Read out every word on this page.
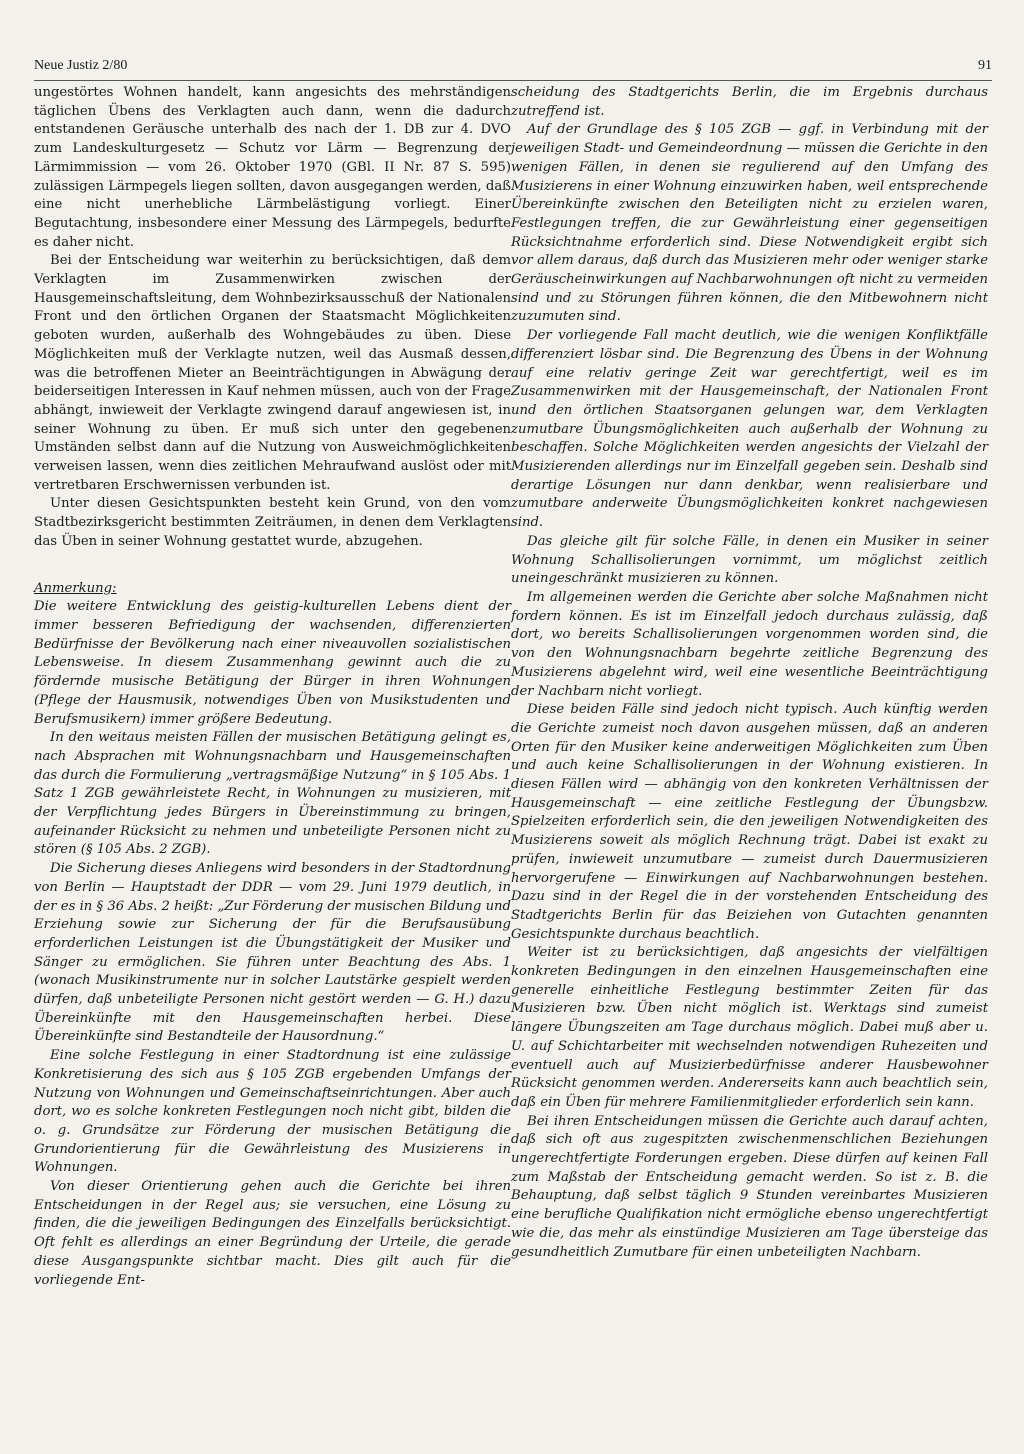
Neue Justiz 2/80	91

ungestörtes Wohnen handelt, kann angesichts des mehrständigen täglichen Übens des Verklagten auch dann, wenn die dadurch entstandenen Geräusche unterhalb des nach der 1. DB zur 4. DVO zum Landeskulturgesetz — Schutz vor Lärm — Begrenzung der Lärmimmission — vom 26. Oktober 1970 (GBl. II Nr. 87 S. 595) zulässigen Lärmpegels liegen sollten, davon ausgegangen werden, daß eine nicht unerhebliche Lärmbelästigung vorliegt. Einer Begutachtung, insbesondere einer Messung des Lärmpegels, bedurfte es daher nicht.

Bei der Entscheidung war weiterhin zu berücksichtigen, daß dem Verklagten im Zusammenwirken zwischen der Hausgemeinschaftsleitung, dem Wohnbezirksausschuß der Nationalen Front und den örtlichen Organen der Staatsmacht Möglichkeiten geboten wurden, außerhalb des Wohngebäudes zu üben. Diese Möglichkeiten muß der Verklagte nutzen, weil das Ausmaß dessen, was die betroffenen Mieter an Beeinträchtigungen in Abwägung der beiderseitigen Interessen in Kauf nehmen müssen, auch von der Frage abhängt, inwieweit der Verklagte zwingend darauf angewiesen ist, in seiner Wohnung zu üben. Er muß sich unter den gegebenen Umständen selbst dann auf die Nutzung von Ausweichmöglichkeiten verweisen lassen, wenn dies zeitlichen Mehraufwand auslöst oder mit vertretbaren Erschwernissen verbunden ist.

Unter diesen Gesichtspunkten besteht kein Grund, von den vom Stadtbezirksgericht bestimmten Zeiträumen, in denen dem Verklagten das Üben in seiner Wohnung gestattet wurde, abzugehen.

Anmerkung:

Die weitere Entwicklung des geistig-kulturellen Lebens dient der immer besseren Befriedigung der wachsenden, differenzierten Bedürfnisse der Bevölkerung nach einer niveauvollen sozialistischen Lebensweise. In diesem Zusammenhang gewinnt auch die zu fördernde musische Betätigung der Bürger in ihren Wohnungen (Pflege der Hausmusik, notwendiges Üben von Musikstudenten und Berufsmusikern) immer größere Bedeutung.

In den weitaus meisten Fällen der musischen Betätigung gelingt es, nach Absprachen mit Wohnungsnachbarn und Hausgemeinschaften das durch die Formulierung „vertragsmäßige Nutzung“ in § 105 Abs. 1 Satz 1 ZGB gewährleistete Recht, in Wohnungen zu musizieren, mit der Verpflichtung jedes Bürgers in Übereinstimmung zu bringen, aufeinander Rücksicht zu nehmen und unbeteiligte Personen nicht zu stören (§ 105 Abs. 2 ZGB).

Die Sicherung dieses Anliegens wird besonders in der Stadtordnung von Berlin — Hauptstadt der DDR — vom 29. Juni 1979 deutlich, in der es in § 36 Abs. 2 heißt: „Zur Förderung der musischen Bildung und Erziehung sowie zur Sicherung der für die Berufsausübung erforderlichen Leistungen ist die Übungstätigkeit der Musiker und Sänger zu ermöglichen. Sie führen unter Beachtung des Abs. 1 (wonach Musikinstrumente nur in solcher Lautstärke gespielt werden dürfen, daß unbeteiligte Personen nicht gestört werden — G. H.) dazu Übereinkünfte mit den Hausgemeinschaften herbei. Diese Übereinkünfte sind Bestandteile der Hausordnung.“

Eine solche Festlegung in einer Stadtordnung ist eine zulässige Konkretisierung des sich aus § 105 ZGB ergebenden Umfangs der Nutzung von Wohnungen und Gemeinschaftseinrichtungen. Aber auch dort, wo es solche konkreten Festlegungen noch nicht gibt, bilden die o. g. Grundsätze zur Förderung der musischen Betätigung die Grundorientierung für die Gewährleistung des Musizierens in Wohnungen.

Von dieser Orientierung gehen auch die Gerichte bei ihren Entscheidungen in der Regel aus; sie versuchen, eine Lösung zu finden, die die jeweiligen Bedingungen des Einzelfalls berücksichtigt. Oft fehlt es allerdings an einer Begründung der Urteile, die gerade diese Ausgangspunkte sichtbar macht. Dies gilt auch für die vorliegende Ent-

scheidung des Stadtgerichts Berlin, die im Ergebnis durchaus zutreffend ist.

Auf der Grundlage des § 105 ZGB — ggf. in Verbindung mit der jeweiligen Stadt- und Gemeindeordnung — müssen die Gerichte in den wenigen Fällen, in denen sie regulierend auf den Umfang des Musizierens in einer Wohnung einzuwirken haben, weil entsprechende Übereinkünfte zwischen den Beteiligten nicht zu erzielen waren, Festlegungen treffen, die zur Gewährleistung einer gegenseitigen Rücksichtnahme erforderlich sind. Diese Notwendigkeit ergibt sich vor allem daraus, daß durch das Musizieren mehr oder weniger starke Geräuscheinwirkungen auf Nachbarwohnungen oft nicht zu vermeiden sind und zu Störungen führen können, die den Mitbewohnern nicht zuzumuten sind.

Der vorliegende Fall macht deutlich, wie die wenigen Konfliktfälle differenziert lösbar sind. Die Begrenzung des Übens in der Wohnung auf eine relativ geringe Zeit war gerechtfertigt, weil es im Zusammenwirken mit der Hausgemeinschaft, der Nationalen Front und den örtlichen Staatsorganen gelungen war, dem Verklagten zumutbare Übungsmöglichkeiten auch außerhalb der Wohnung zu beschaffen. Solche Möglichkeiten werden angesichts der Vielzahl der Musizierenden allerdings nur im Einzelfall gegeben sein. Deshalb sind derartige Lösungen nur dann denkbar, wenn realisierbare und zumutbare anderweite Übungsmöglichkeiten konkret nachgewiesen sind.

Das gleiche gilt für solche Fälle, in denen ein Musiker in seiner Wohnung Schallisolierungen vornimmt, um möglichst zeitlich uneingeschränkt musizieren zu können.

Im allgemeinen werden die Gerichte aber solche Maßnahmen nicht fordern können. Es ist im Einzelfall jedoch durchaus zulässig, daß dort, wo bereits Schallisolierungen vorgenommen worden sind, die von den Wohnungsnachbarn begehrte zeitliche Begrenzung des Musizierens abgelehnt wird, weil eine wesentliche Beeinträchtigung der Nachbarn nicht vorliegt.

Diese beiden Fälle sind jedoch nicht typisch. Auch künftig werden die Gerichte zumeist noch davon ausgehen müssen, daß an anderen Orten für den Musiker keine anderweitigen Möglichkeiten zum Üben und auch keine Schallisolierungen in der Wohnung existieren. In diesen Fällen wird — abhängig von den konkreten Verhältnissen der Hausgemeinschaft — eine zeitliche Festlegung der Übungsbzw. Spielzeiten erforderlich sein, die den jeweiligen Notwendigkeiten des Musizierens soweit als möglich Rechnung trägt. Dabei ist exakt zu prüfen, inwieweit unzumutbare — zumeist durch Dauermusizieren hervorgerufene — Einwirkungen auf Nachbarwohnungen bestehen. Dazu sind in der Regel die in der vorstehenden Entscheidung des Stadtgerichts Berlin für das Beiziehen von Gutachten genannten Gesichtspunkte durchaus beachtlich.

Weiter ist zu berücksichtigen, daß angesichts der vielfältigen konkreten Bedingungen in den einzelnen Hausgemeinschaften eine generelle einheitliche Festlegung bestimmter Zeiten für das Musizieren bzw. Üben nicht möglich ist. Werktags sind zumeist längere Übungszeiten am Tage durchaus möglich. Dabei muß aber u. U. auf Schichtarbeiter mit wechselnden notwendigen Ruhezeiten und eventuell auch auf Musizierbedürfnisse anderer Hausbewohner Rücksicht genommen werden. Andererseits kann auch beachtlich sein, daß ein Üben für mehrere Familienmitglieder erforderlich sein kann.

Bei ihren Entscheidungen müssen die Gerichte auch darauf achten, daß sich oft aus zugespitzten zwischenmenschlichen Beziehungen ungerechtfertigte Forderungen ergeben. Diese dürfen auf keinen Fall zum Maßstab der Entscheidung gemacht werden. So ist z. B. die Behauptung, daß selbst täglich 9 Stunden vereinbartes Musizieren eine berufliche Qualifikation nicht ermögliche ebenso ungerechtfertigt wie die, das mehr als einstündige Musizieren am Tage übersteige das gesundheitlich Zumutbare für einen unbeteiligten Nachbarn.
